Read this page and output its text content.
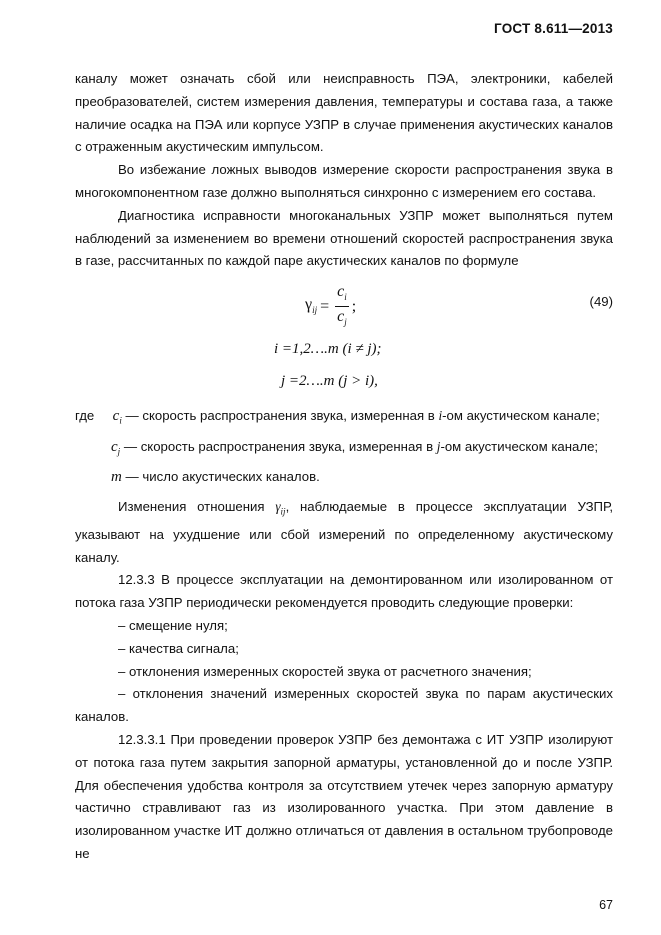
ГОСТ 8.611—2013

каналу может означать сбой или неисправность ПЭА, электроники, кабелей преобразователей, систем измерения давления, температуры и состава газа, а также наличие осадка на ПЭА или корпусе УЗПР в случае применения акустических каналов с отраженным акустическим импульсом.

Во избежание ложных выводов измерение скорости распространения звука в многокомпонентном газе должно выполняться синхронно с измерением его состава.

Диагностика исправности многоканальных УЗПР может выполняться путем наблюдений за изменением во времени отношений скоростей распространения звука в газе, рассчитанных по каждой паре акустических каналов по формуле

$\gamma_{ij} = \frac{c_i}{c_j}$ ;	(49)
i =1,2….m (i ≠ j);
j =2….m (j > i),
где $c_i$ — скорость распространения звука, измеренная в i-ом акустическом канале;
$c_j$ — скорость распространения звука, измеренная в j-ом акустическом канале;
m — число акустических каналов.

Изменения отношения $\gamma_{ij}$, наблюдаемые в процессе эксплуатации УЗПР, указывают на ухудшение или сбой измерений по определенному акустическому каналу.

12.3.3 В процессе эксплуатации на демонтированном или изолированном от потока газа УЗПР периодически рекомендуется проводить следующие проверки:

– смещение нуля;

– качества сигнала;

– отклонения измеренных скоростей звука от расчетного значения;

– отклонения значений измеренных скоростей звука по парам акустических каналов.

12.3.3.1 При проведении проверок УЗПР без демонтажа с ИТ УЗПР изолируют от потока газа путем закрытия запорной арматуры, установленной до и после УЗПР. Для обеспечения удобства контроля за отсутствием утечек через запорную арматуру частично стравливают газ из изолированного участка. При этом давление в изолированном участке ИТ должно отличаться от давления в остальном трубопроводе не

67
